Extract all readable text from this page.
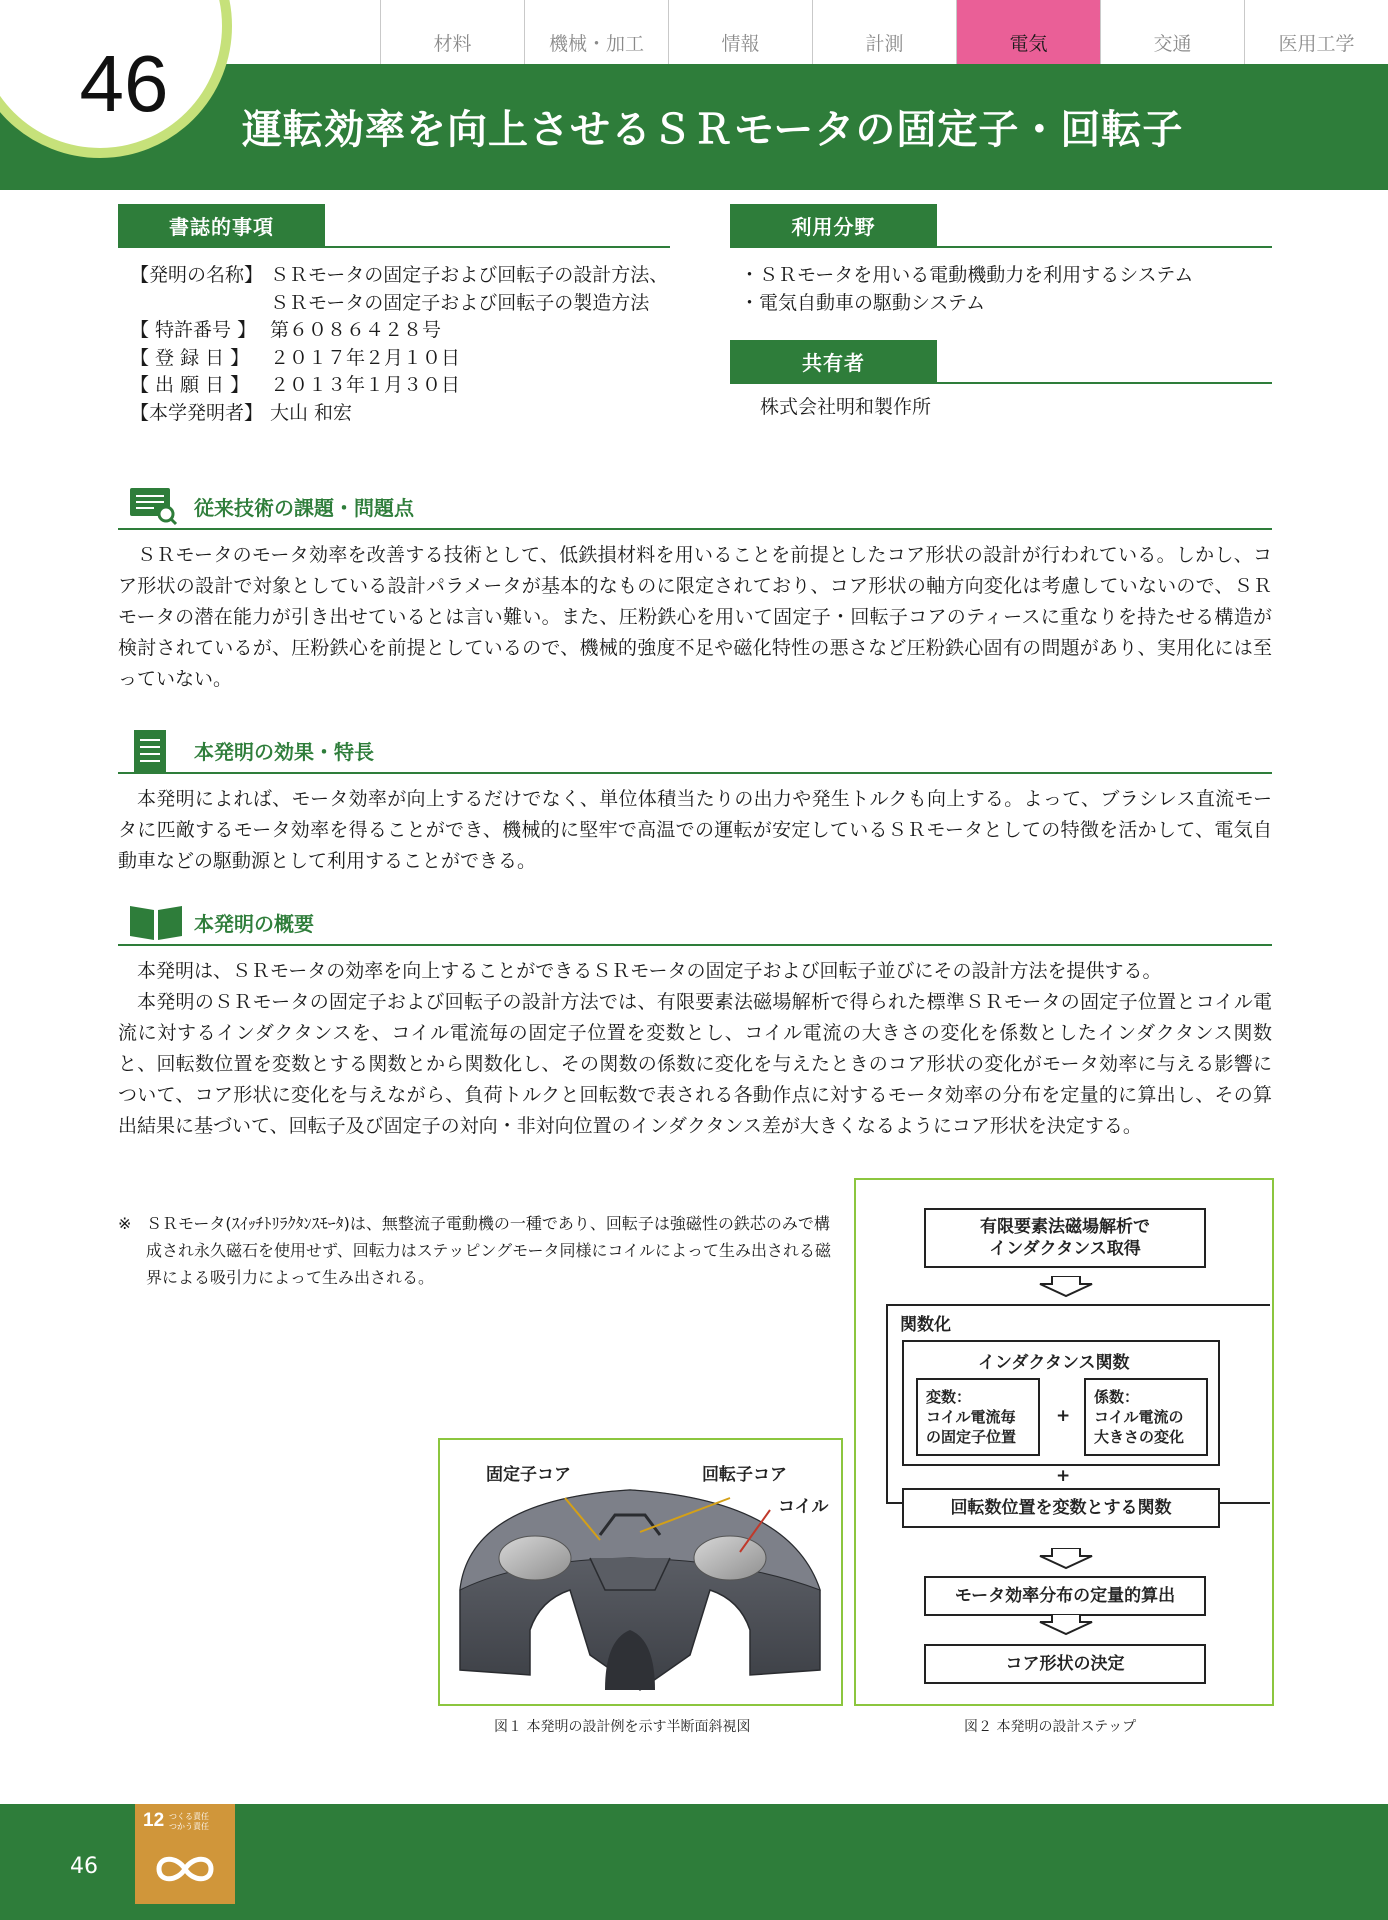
材料	機械・加工	情報	計測	電気	交通	医用工学
46
運転効率を向上させるＳＲモータの固定子・回転子
書誌的事項
【発明の名称】 ＳＲモータの固定子および回転子の設計方法、ＳＲモータの固定子および回転子の製造方法
【 特許番号 】 第６０８６４２８号
【 登 録 日 】	２０１７年２月１０日
【 出 願 日 】	２０１３年１月３０日
【本学発明者】 大山 和宏
利用分野
・ＳＲモータを用いる電動機動力を利用するシステム
・電気自動車の駆動システム
共有者
株式会社明和製作所
従来技術の課題・問題点

ＳＲモータのモータ効率を改善する技術として、低鉄損材料を用いることを前提としたコア形状の設計が行われている。しかし、コア形状の設計で対象としている設計パラメータが基本的なものに限定されており、コア形状の軸方向変化は考慮していないので、ＳＲモータの潜在能力が引き出せているとは言い難い。また、圧粉鉄心を用いて固定子・回転子コアのティースに重なりを持たせる構造が検討されているが、圧粉鉄心を前提としているので、機械的強度不足や磁化特性の悪さなど圧粉鉄心固有の問題があり、実用化には至っていない。

本発明の効果・特長

本発明によれば、モータ効率が向上するだけでなく、単位体積当たりの出力や発生トルクも向上する。よって、ブラシレス直流モータに匹敵するモータ効率を得ることができ、機械的に堅牢で高温での運転が安定しているＳＲモータとしての特徴を活かして、電気自動車などの駆動源として利用することができる。

本発明の概要

本発明は、ＳＲモータの効率を向上することができるＳＲモータの固定子および回転子並びにその設計方法を提供する。

本発明のＳＲモータの固定子および回転子の設計方法では、有限要素法磁場解析で得られた標準ＳＲモータの固定子位置とコイル電流に対するインダクタンスを、コイル電流毎の固定子位置を変数とし、コイル電流の大きさの変化を係数としたインダクタンス関数と、回転数位置を変数とする関数とから関数化し、その関数の係数に変化を与えたときのコア形状の変化がモータ効率に与える影響について、コア形状に変化を与えながら、負荷トルクと回転数で表される各動作点に対するモータ効率の分布を定量的に算出し、その算出結果に基づいて、回転子及び固定子の対向・非対向位置のインダクタンス差が大きくなるようにコア形状を決定する。

※ ＳＲモータ(ｽｲｯﾁﾄﾘﾗｸﾀﾝｽﾓｰﾀ)は、無整流子電動機の一種であり、回転子は強磁性の鉄芯のみで構成され永久磁石を使用せず、回転力はステッピングモータ同様にコイルによって生み出される磁界による吸引力によって生み出される。
固定子コア	回転子コア
コイル
図１ 本発明の設計例を示す半断面斜視図
有限要素法磁場解析で
インダクタンス取得
関数化
インダクタンス関数
変数：
コイル電流毎
の固定子位置
+
係数：
コイル電流の
大きさの変化
+
回転数位置を変数とする関数
モータ効率分布の定量的算出
コア形状の決定
図２ 本発明の設計ステップ
46
12 つくる責任
つかう責任
